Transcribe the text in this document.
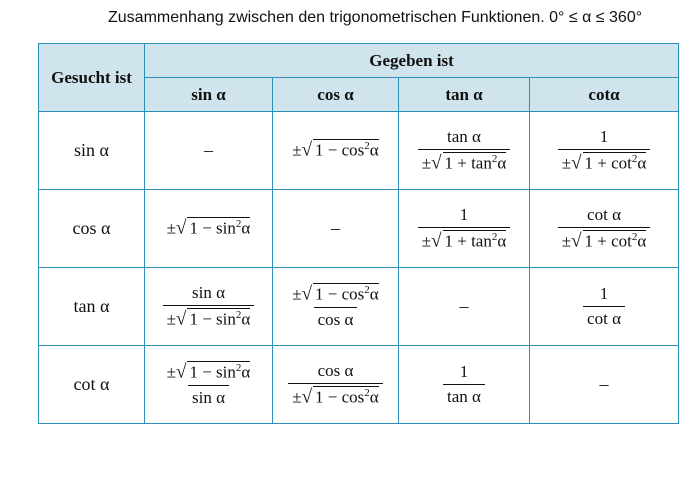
Zusammenhang zwischen den trigonometrischen Funktionen. 0° ≤ α ≤ 360°
Gesucht ist	Gegeben ist			
	sin α	cos α	tan α	cotα
sin α	–	±√ $1 - \cos^2\alpha$	$\frac{\text{tan α}}{\pm√ 1 + \tan^2\alpha}$	$\frac{1}{\pm√ 1 + \cot^2\alpha}$

cos α	±√ $1 - \sin^2\alpha$	–	$\frac{1}{\pm√ 1 + \tan^2\alpha}$	$\frac{\text{cot α}}{\pm√ 1 + \cot^2\alpha}$

tan α	$\frac{\text{sin α}}{\pm√ 1 - \sin^2\alpha}$	$\frac{\pm√ 1 - \cos^2\alpha}{\text{cos α}}$	–	$\frac{1}{\text{cot α}}$

cot α	$\frac{\pm√ 1 - \sin^2\alpha}{\text{sin α}}$	$\frac{\text{cos α}}{\pm√ 1 - \cos^2\alpha}$	$\frac{1}{\text{tan α}}$	–
